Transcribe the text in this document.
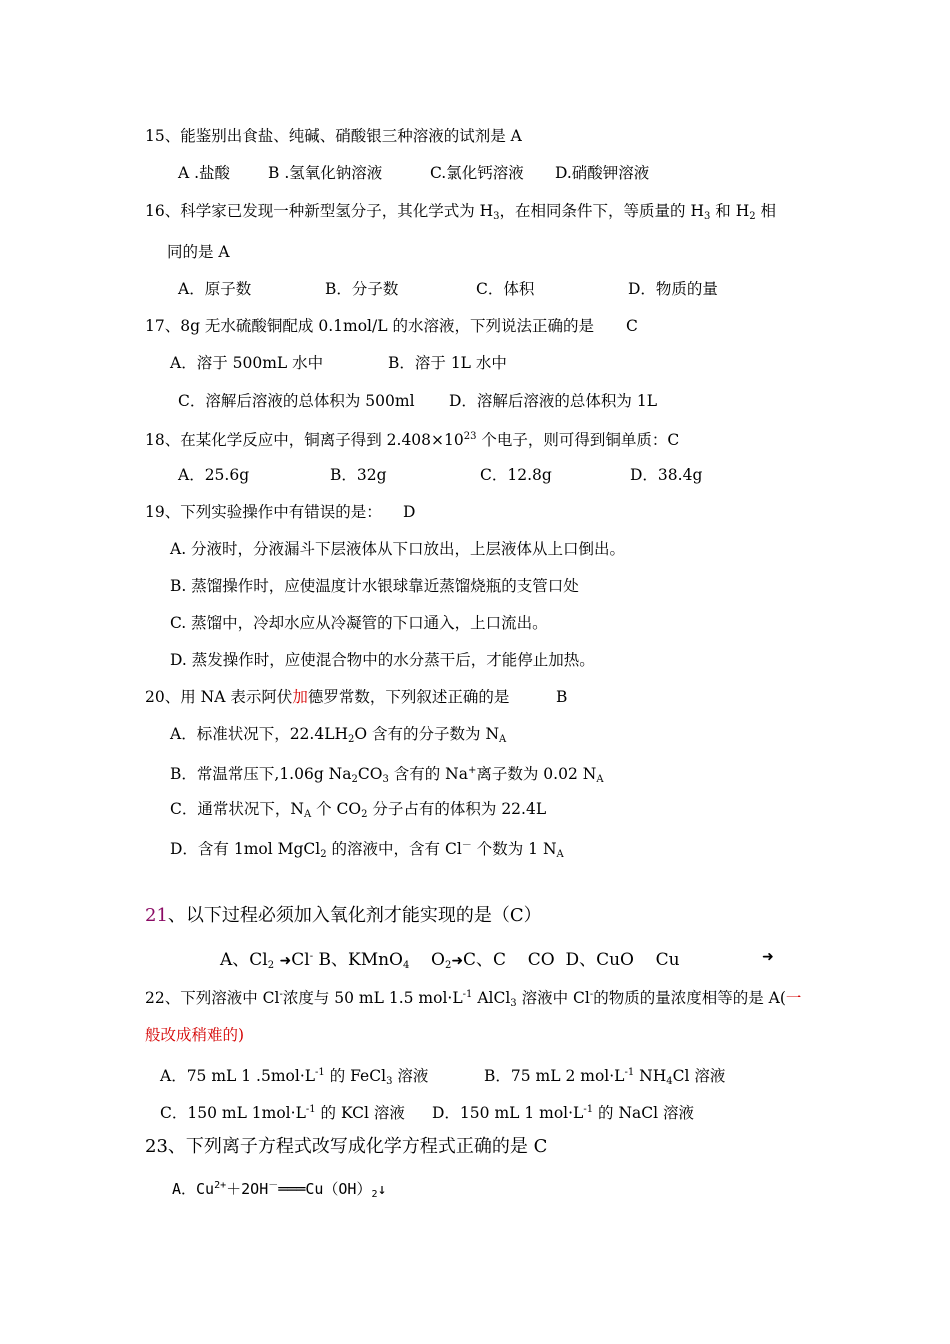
15、能鉴别出食盐、纯碱、硝酸银三种溶液的试剂是 A
A .盐酸 B .氢氧化钠溶液	C.氯化钙溶液 D.硝酸钾溶液
16、科学家已发现一种新型氢分子，其化学式为 $H_3$，在相同条件下，等质量的 $H_3$ 和 $H_2$ 相
同的是 A
A．原子数	B．分子数	C．体积	D．物质的量
17、8g 无水硫酸铜配成 0.1mol/L 的水溶液，下列说法正确的是 C
A．溶于 500mL 水中	B．溶于 1L 水中
C．溶解后溶液的总体积为 500ml D．溶解后溶液的总体积为 1L
18、在某化学反应中，铜离子得到 $2.408\times 10^{23}$ 个电子，则可得到铜单质：C
A．25.6g	B．32g	C．12.8g	D．38.4g
19、下列实验操作中有错误的是： D
A. 分液时，分液漏斗下层液体从下口放出，上层液体从上口倒出。
B. 蒸馏操作时，应使温度计水银球靠近蒸馏烧瓶的支管口处
C. 蒸馏中，冷却水应从冷凝管的下口通入，上口流出。
D. 蒸发操作时，应使混合物中的水分蒸干后，才能停止加热。
20、用 NA 表示阿伏加德罗常数，下列叙述正确的是	B
A．标准状况下，$22.4LH_2O$ 含有的分子数为 $N_A$
B．常温常压下,1.06g $Na_2CO_3$ 含有的 Na+离子数为 0.02 $N_A$
C．通常状况下，$N_A$ 个 $CO_2$ 分子占有的体积为 22.4L
D．含有 1mol MgCl$_2$ 的溶液中，含有 Cl－ 个数为 1 $N_A$
21、以下过程必须加入氧化剂才能实现的是（C）
A、$Cl_2$ ➜Cl- B、KMnO$_4$ $O_2➜C$、C CO D、CuO Cu	➜
22、下列溶液中 Cl-浓度与 50 mL 1.5 $mol\cdot L^{-1}$ AlCl$_3$ 溶液中 Cl-的物质的量浓度相等的是 A(一
般改成稍难的)
A．75 mL 1 $.5mol\cdot L^{-1}$ 的 FeCl$_3$ 溶液	B．75 mL 2 $mol\cdot L^{-1}$ $NH_4Cl$ 溶液
C．150 mL $1mol\cdot L^{-1}$ 的 KCl 溶液 D．150 mL 1 $mol\cdot L^{-1}$ 的 NaCl 溶液
23、下列离子方程式改写成化学方程式正确的是 C
A．$Cu^{2+}+2OH^-═══Cu(OH)_2↓$
